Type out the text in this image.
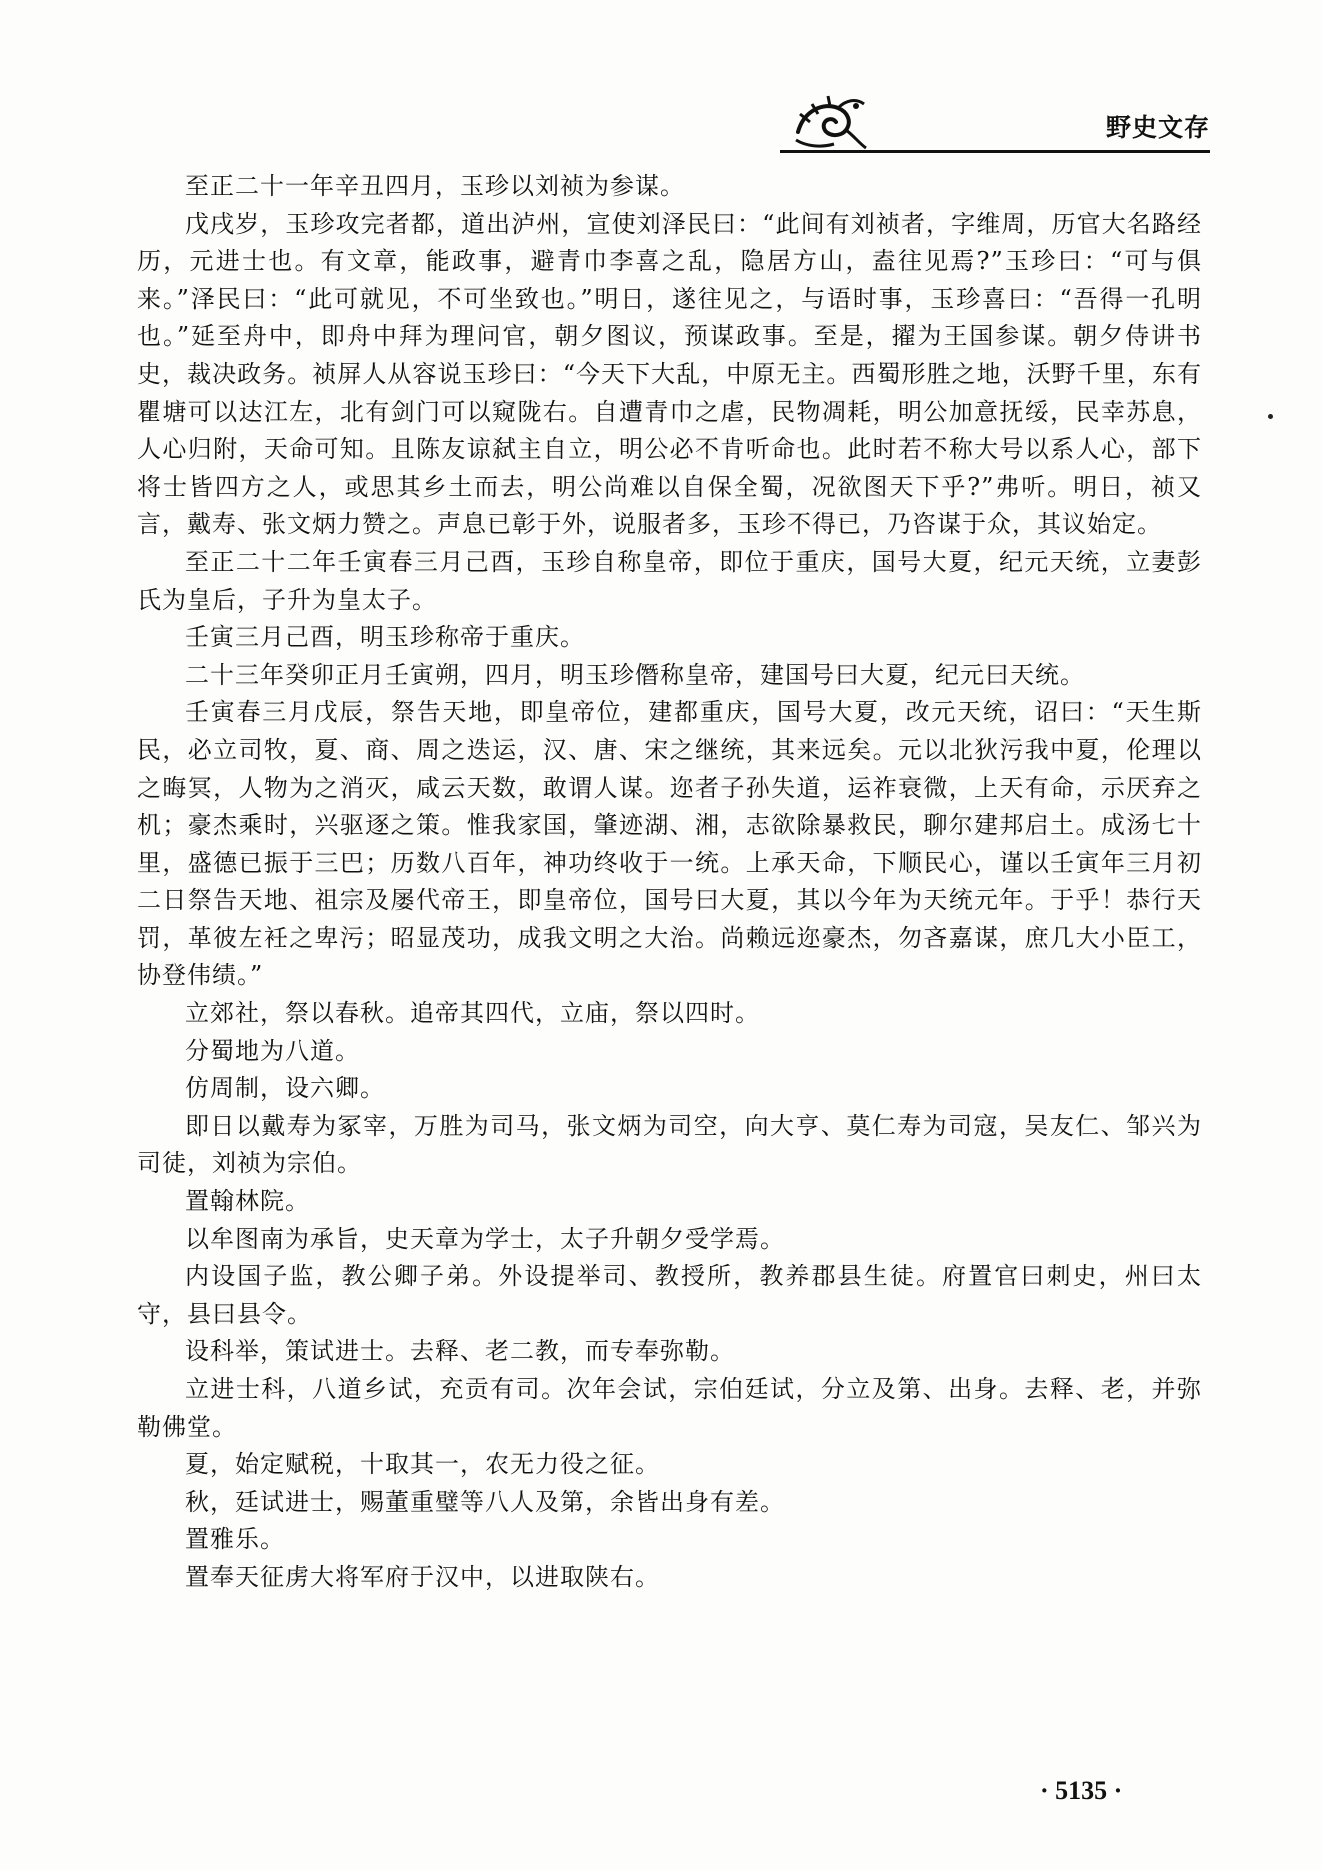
野史文存

至正二十一年辛丑四月，玉珍以刘祯为参谋。

戊戌岁，玉珍攻完者都，道出泸州，宣使刘泽民曰：“此间有刘祯者，字维周，历官大名路经历，元进士也。有文章，能政事，避青巾李喜之乱，隐居方山，盍往见焉?”玉珍曰：“可与俱来。”泽民曰：“此可就见，不可坐致也。”明日，遂往见之，与语时事，玉珍喜曰：“吾得一孔明也。”延至舟中，即舟中拜为理问官，朝夕图议，预谋政事。至是，擢为王国参谋。朝夕侍讲书史，裁决政务。祯屏人从容说玉珍曰：“今天下大乱，中原无主。西蜀形胜之地，沃野千里，东有瞿塘可以达江左，北有剑门可以窥陇右。自遭青巾之虐，民物凋耗，明公加意抚绥，民幸苏息，人心归附，天命可知。且陈友谅弑主自立，明公必不肯听命也。此时若不称大号以系人心，部下将士皆四方之人，或思其乡土而去，明公尚难以自保全蜀，况欲图天下乎?”弗听。明日，祯又言，戴寿、张文炳力赞之。声息已彰于外，说服者多，玉珍不得已，乃咨谋于众，其议始定。

至正二十二年壬寅春三月己酉，玉珍自称皇帝，即位于重庆，国号大夏，纪元天统，立妻彭氏为皇后，子升为皇太子。

壬寅三月己酉，明玉珍称帝于重庆。

二十三年癸卯正月壬寅朔，四月，明玉珍僭称皇帝，建国号曰大夏，纪元曰天统。

壬寅春三月戊辰，祭告天地，即皇帝位，建都重庆，国号大夏，改元天统，诏曰：“天生斯民，必立司牧，夏、商、周之迭运，汉、唐、宋之继统，其来远矣。元以北狄污我中夏，伦理以之晦冥，人物为之消灭，咸云天数，敢谓人谋。迩者子孙失道，运祚衰微，上天有命，示厌弃之机；豪杰乘时，兴驱逐之策。惟我家国，肇迹湖、湘，志欲除暴救民，聊尔建邦启土。成汤七十里，盛德已振于三巴；历数八百年，神功终收于一统。上承天命，下顺民心，谨以壬寅年三月初二日祭告天地、祖宗及屡代帝王，即皇帝位，国号曰大夏，其以今年为天统元年。于乎！恭行天罚，革彼左衽之卑污；昭显茂功，成我文明之大治。尚赖远迩豪杰，勿吝嘉谋，庶几大小臣工，协登伟绩。”

立郊社，祭以春秋。追帝其四代，立庙，祭以四时。

分蜀地为八道。

仿周制，设六卿。

即日以戴寿为冢宰，万胜为司马，张文炳为司空，向大亨、莫仁寿为司寇，吴友仁、邹兴为司徒，刘祯为宗伯。

置翰林院。

以牟图南为承旨，史天章为学士，太子升朝夕受学焉。

内设国子监，教公卿子弟。外设提举司、教授所，教养郡县生徒。府置官曰刺史，州曰太守，县曰县令。

设科举，策试进士。去释、老二教，而专奉弥勒。

立进士科，八道乡试，充贡有司。次年会试，宗伯廷试，分立及第、出身。去释、老，并弥勒佛堂。

夏，始定赋税，十取其一，农无力役之征。

秋，廷试进士，赐董重璧等八人及第，余皆出身有差。

置雅乐。

置奉天征虏大将军府于汉中，以进取陕右。

· 5135 ·
